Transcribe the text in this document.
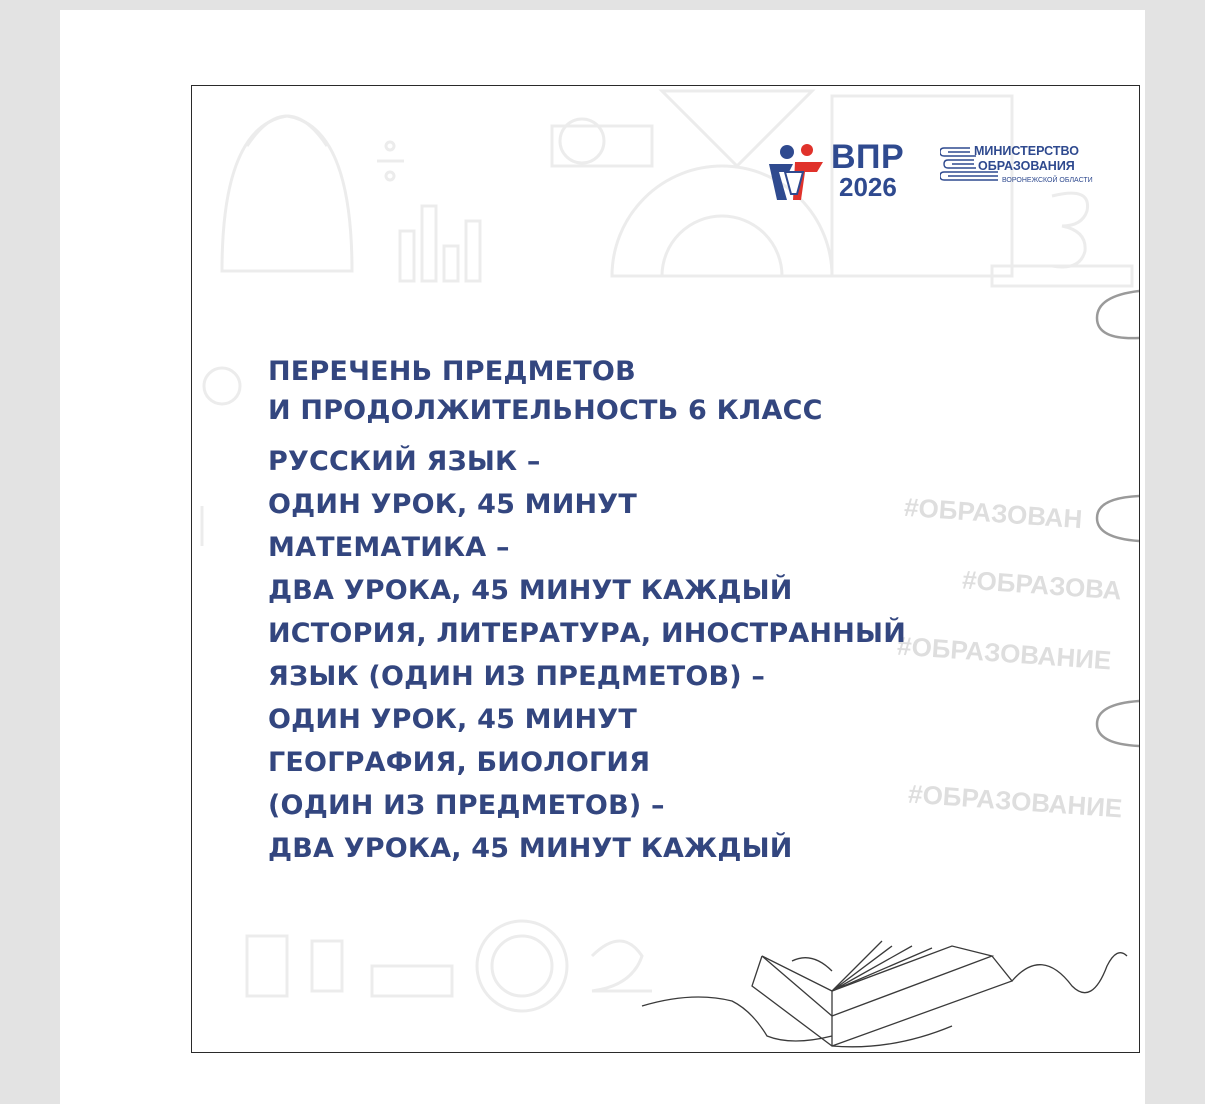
#ОБРАЗОВАН
#ОБРАЗОВА
#ОБРАЗОВАНИЕ
#ОБРАЗОВАНИЕ
ВПР
2026
МИНИСТЕРСТВО
ОБРАЗОВАНИЯ
ВОРОНЕЖСКОЙ ОБЛАСТИ
ПЕРЕЧЕНЬ ПРЕДМЕТОВ
И ПРОДОЛЖИТЕЛЬНОСТЬ 6 КЛАСС
РУССКИЙ ЯЗЫК –
ОДИН УРОК, 45 МИНУТ
МАТЕМАТИКА –
ДВА УРОКА, 45 МИНУТ КАЖДЫЙ
ИСТОРИЯ, ЛИТЕРАТУРА, ИНОСТРАННЫЙ
ЯЗЫК (ОДИН ИЗ ПРЕДМЕТОВ) –
ОДИН УРОК, 45 МИНУТ
ГЕОГРАФИЯ, БИОЛОГИЯ
(ОДИН ИЗ ПРЕДМЕТОВ) –
ДВА УРОКА, 45 МИНУТ КАЖДЫЙ
